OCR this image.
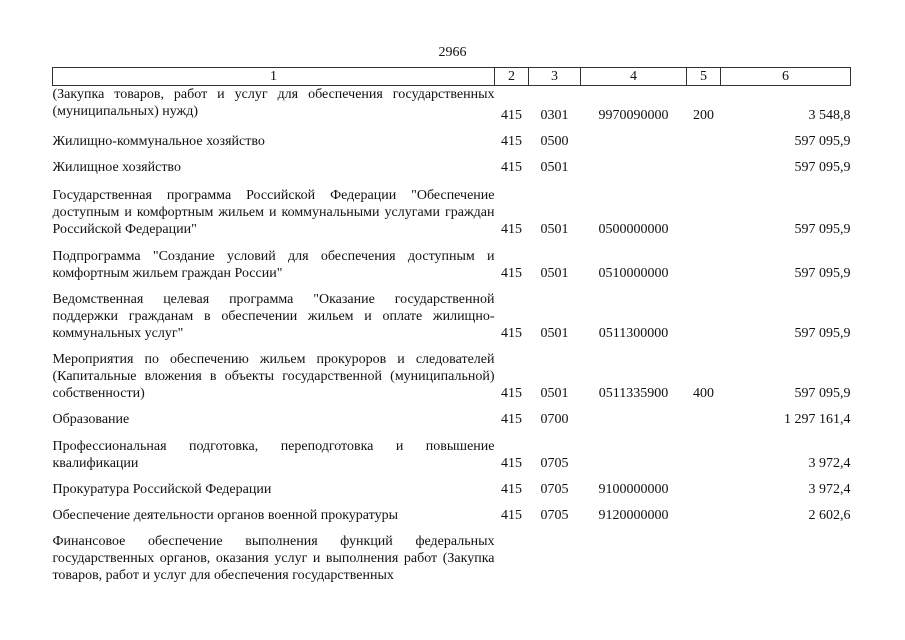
2966
1	2	3	4	5	6
(Закупка товаров, работ и услуг для обеспечения государственных (муниципальных) нужд)	415	0301	9970090000	200	3 548,8
Жилищно-коммунальное хозяйство	415	0500			597 095,9
Жилищное хозяйство	415	0501			597 095,9
Государственная программа Российской Федерации "Обеспечение доступным и комфортным жильем и коммунальными услугами граждан Российской Федерации"	415	0501	0500000000		597 095,9
Подпрограмма "Создание условий для обеспечения доступным и комфортным жильем граждан России"	415	0501	0510000000		597 095,9
Ведомственная целевая программа "Оказание государственной поддержки гражданам в обеспечении жильем и оплате жилищно-коммунальных услуг"	415	0501	0511300000		597 095,9
Мероприятия по обеспечению жильем прокуроров и следователей (Капитальные вложения в объекты государственной (муниципальной) собственности)	415	0501	0511335900	400	597 095,9
Образование	415	0700			1 297 161,4
Профессиональная подготовка, переподготовка и повышение квалификации	415	0705			3 972,4
Прокуратура Российской Федерации	415	0705	9100000000		3 972,4
Обеспечение деятельности органов военной прокуратуры	415	0705	9120000000		2 602,6
Финансовое обеспечение выполнения функций федеральных государственных органов, оказания услуг и выполнения работ (Закупка товаров, работ и услуг для обеспечения государственных					
